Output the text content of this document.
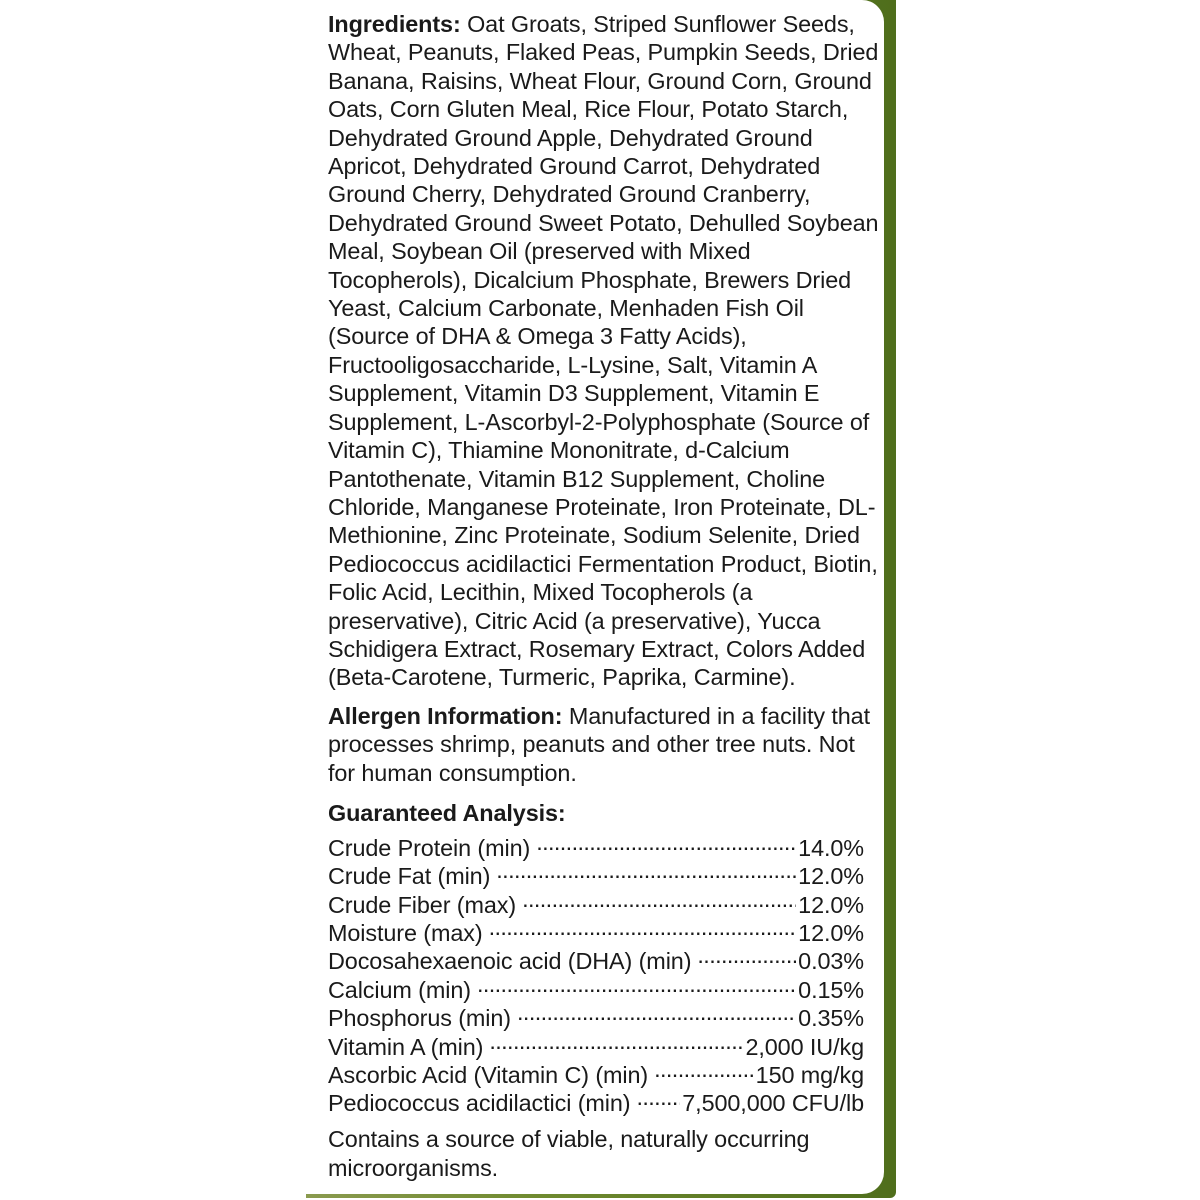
Ingredients: Oat Groats, Striped Sunflower Seeds, Wheat, Peanuts, Flaked Peas, Pumpkin Seeds, Dried Banana, Raisins, Wheat Flour, Ground Corn, Ground Oats, Corn Gluten Meal, Rice Flour, Potato Starch, Dehydrated Ground Apple, Dehydrated Ground Apricot, Dehydrated Ground Carrot, Dehydrated Ground Cherry, Dehydrated Ground Cranberry, Dehydrated Ground Sweet Potato, Dehulled Soybean Meal, Soybean Oil (preserved with Mixed Tocopherols), Dicalcium Phosphate, Brewers Dried Yeast, Calcium Carbonate, Menhaden Fish Oil (Source of DHA & Omega 3 Fatty Acids), Fructooligosaccharide, L-Lysine, Salt, Vitamin A Supplement, Vitamin D3 Supplement, Vitamin E Supplement, L-Ascorbyl-2-Polyphosphate (Source of Vitamin C), Thiamine Mononitrate, d-Calcium Pantothenate, Vitamin B12 Supplement, Choline Chloride, Manganese Proteinate, Iron Proteinate, DL-Methionine, Zinc Proteinate, Sodium Selenite, Dried Pediococcus acidilactici Fermentation Product, Biotin, Folic Acid, Lecithin, Mixed Tocopherols (a preservative), Citric Acid (a preservative), Yucca Schidigera Extract, Rosemary Extract, Colors Added (Beta-Carotene, Turmeric, Paprika, Carmine).

Allergen Information: Manufactured in a facility that processes shrimp, peanuts and other tree nuts. Not for human consumption.

Guaranteed Analysis:

Crude Protein (min) .....	14.0%
Crude Fat (min) .....	12.0%
Crude Fiber (max) .....	12.0%
Moisture (max) .....	12.0%
Docosahexaenoic acid (DHA) (min) .....	0.03%
Calcium (min) .....	0.15%
Phosphorus (min) .....	0.35%
Vitamin A (min) .....	2,000 IU/kg
Ascorbic Acid (Vitamin C) (min) .....	150 mg/kg
Pediococcus acidilactici (min) ..... 7,500,000 CFU/lb

Contains a source of viable, naturally occurring microorganisms.
